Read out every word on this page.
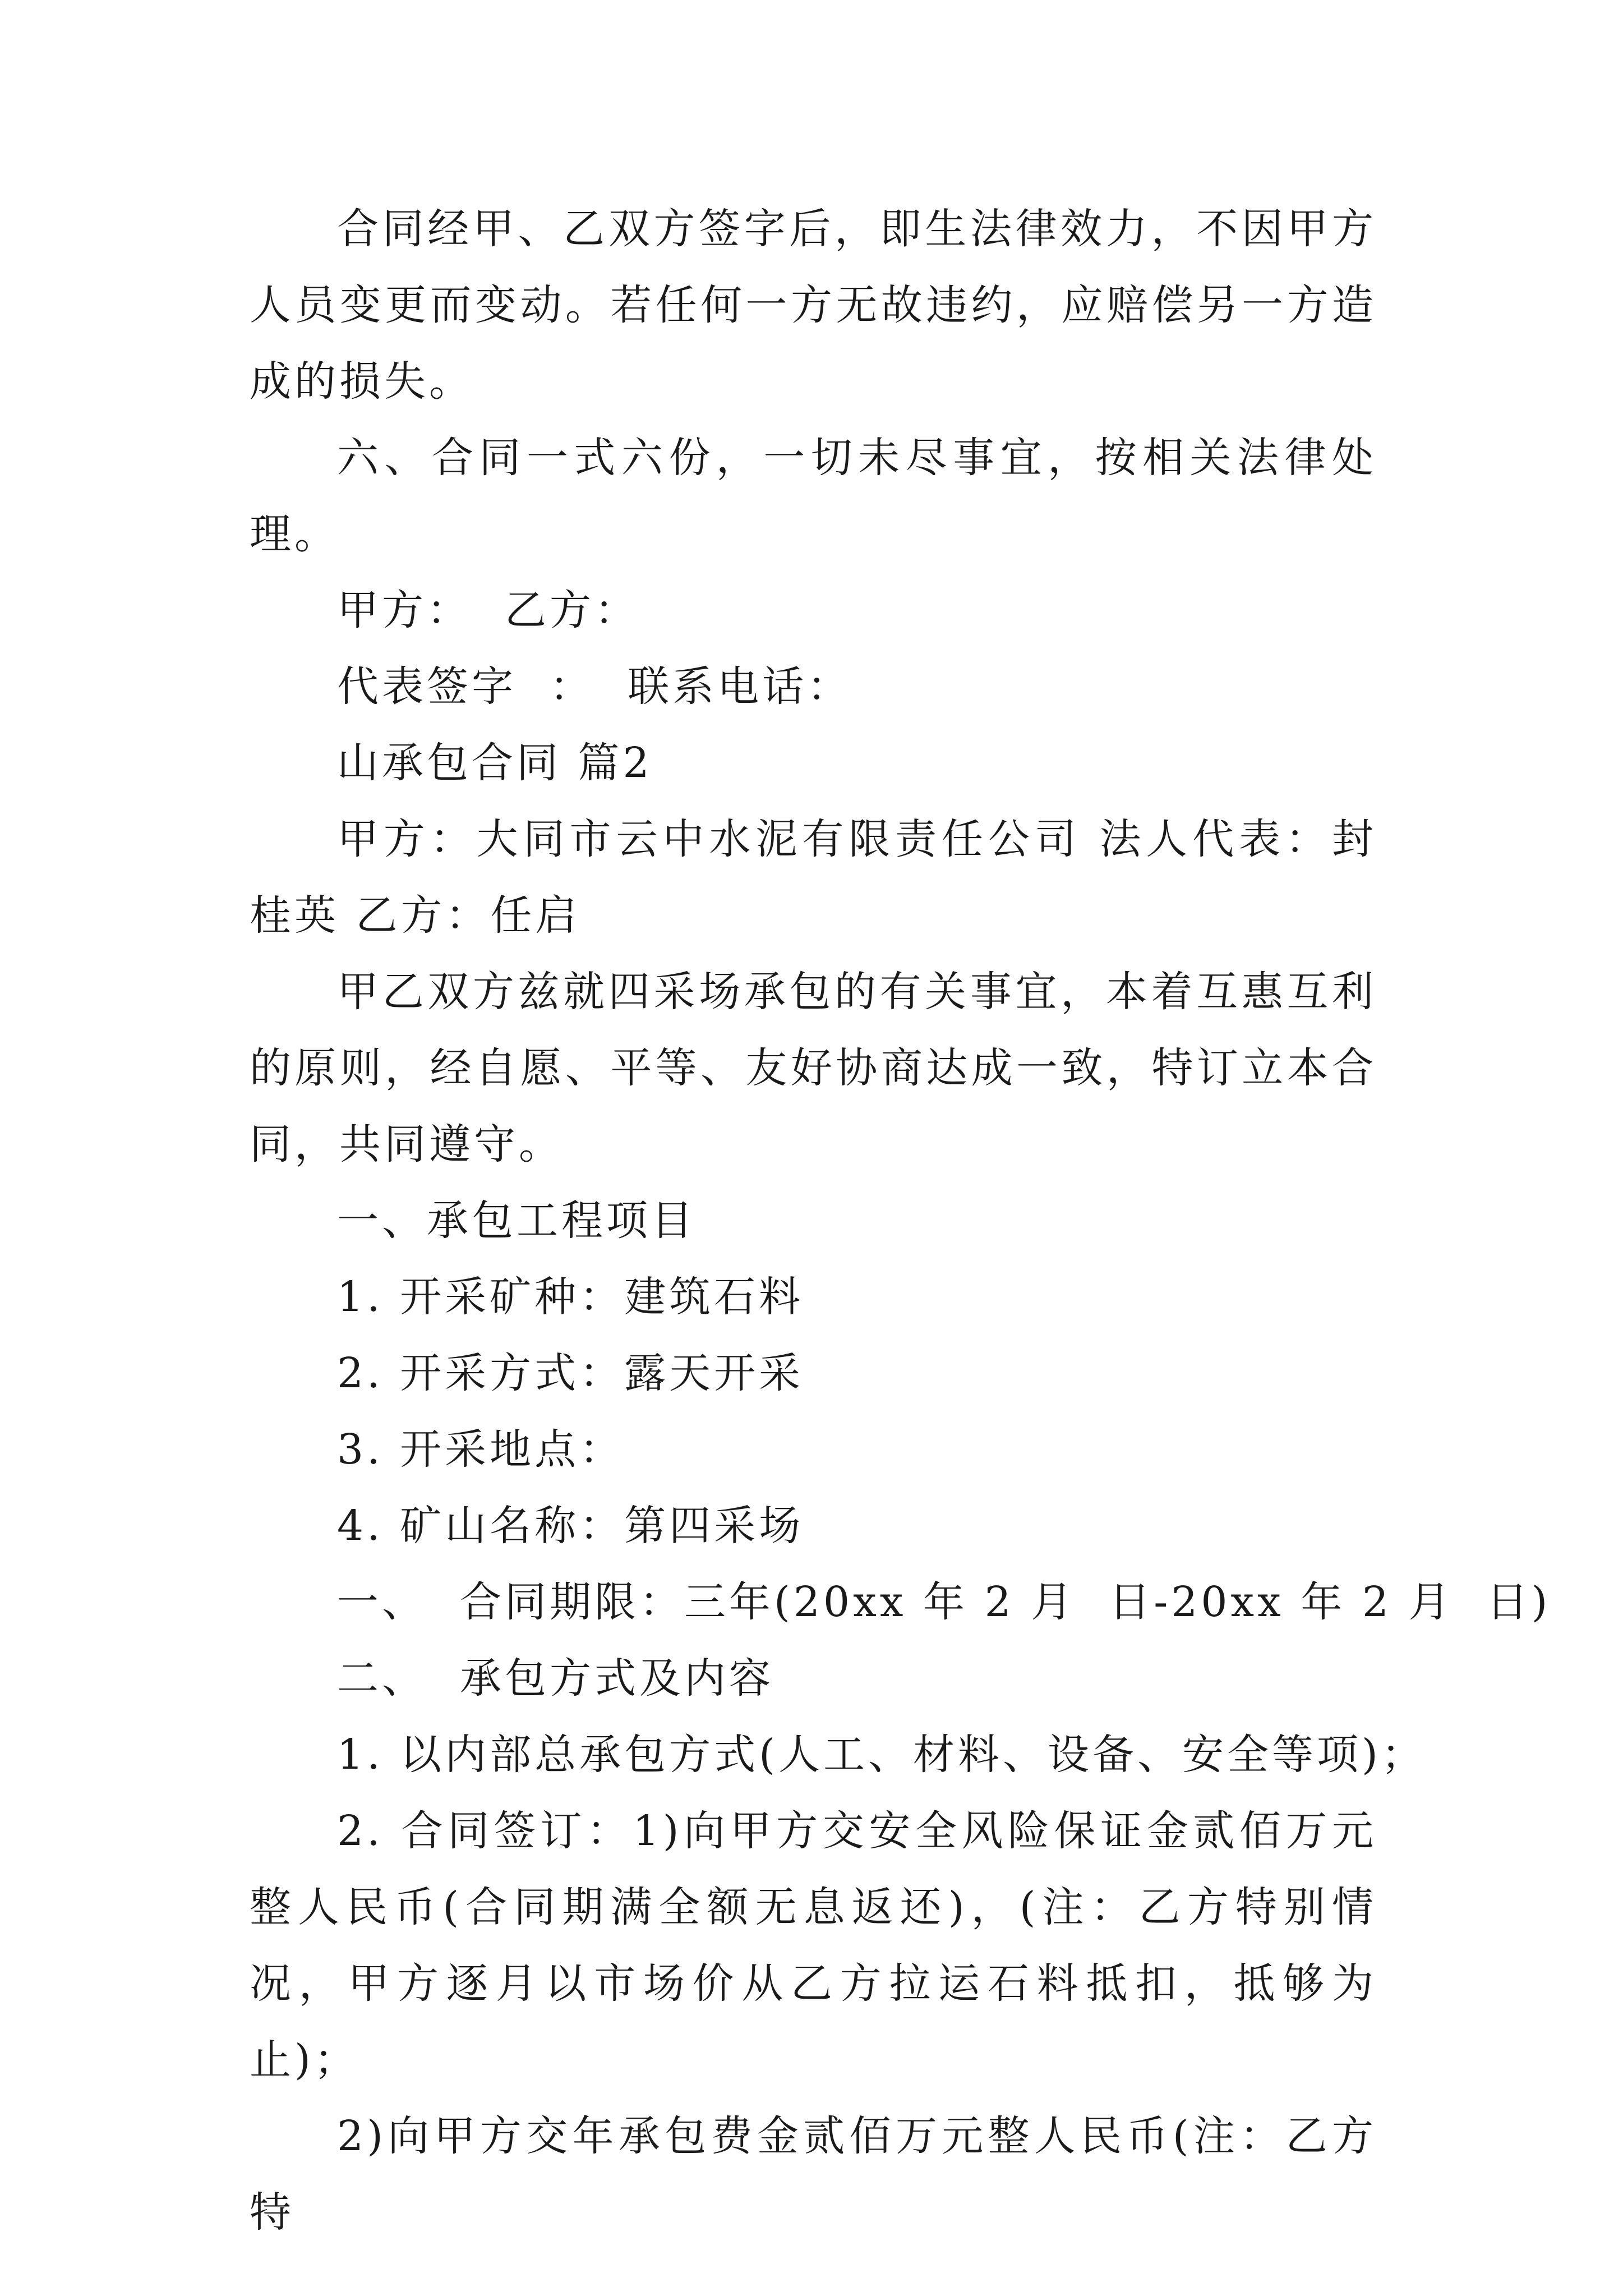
合同经甲、乙双方签字后，即生法律效力，不因甲方人员变更而变动。若任何一方无故违约，应赔偿另一方造成的损失。

六、合同一式六份，一切未尽事宜，按相关法律处理。

甲方：  乙方：

代表签字  ：  联系电话：

山承包合同 篇2

甲方：大同市云中水泥有限责任公司 法人代表：封桂英 乙方：任启

甲乙双方兹就四采场承包的有关事宜，本着互惠互利的原则，经自愿、平等、友好协商达成一致，特订立本合同，共同遵守。

一、承包工程项目

1. 开采矿种：建筑石料

2. 开采方式：露天开采

3. 开采地点：

4. 矿山名称：第四采场

一、  合同期限：三年(20xx 年 2 月  日-20xx 年 2 月  日)

二、  承包方式及内容

1. 以内部总承包方式(人工、材料、设备、安全等项)；

2. 合同签订：1)向甲方交安全风险保证金贰佰万元整人民币(合同期满全额无息返还)，(注：乙方特别情况，甲方逐月以市场价从乙方拉运石料抵扣，抵够为止)；

2)向甲方交年承包费金贰佰万元整人民币(注：乙方特
